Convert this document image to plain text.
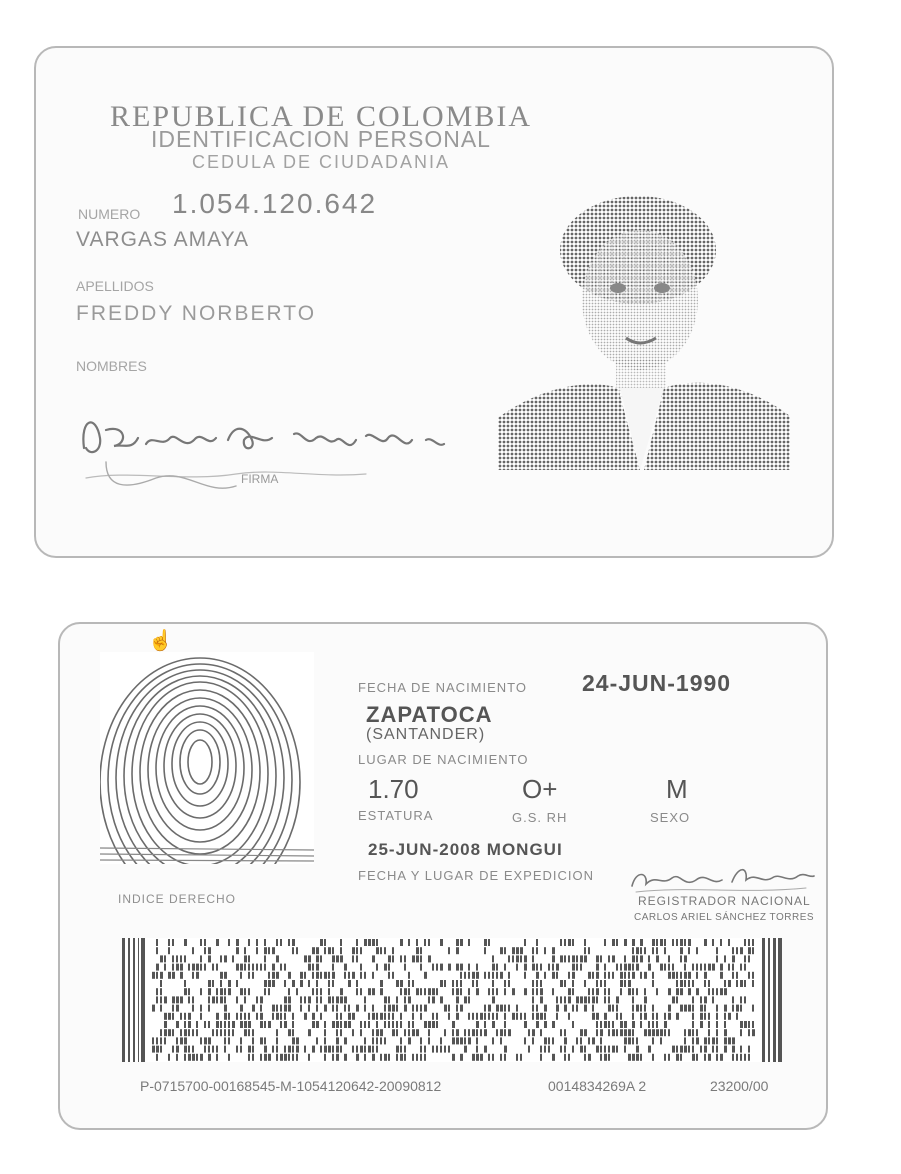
REPUBLICA DE COLOMBIA
IDENTIFICACION PERSONAL
CEDULA DE CIUDADANIA
NUMERO 1.054.120.642
VARGAS AMAYA
APELLIDOS
FREDDY NORBERTO
NOMBRES
FIRMA
☝
INDICE DERECHO
FECHA DE NACIMIENTO 24-JUN-1990
ZAPATOCA
(SANTANDER)
LUGAR DE NACIMIENTO
1.70	O+	M
ESTATURA	G.S. RH	SEXO
25-JUN-2008 MONGUI
FECHA Y LUGAR DE EXPEDICION
REGISTRADOR NACIONAL
CARLOS ARIEL SÁNCHEZ TORRES
P-0715700-00168545-M-1054120642-20090812	0014834269A 2	23200/00
